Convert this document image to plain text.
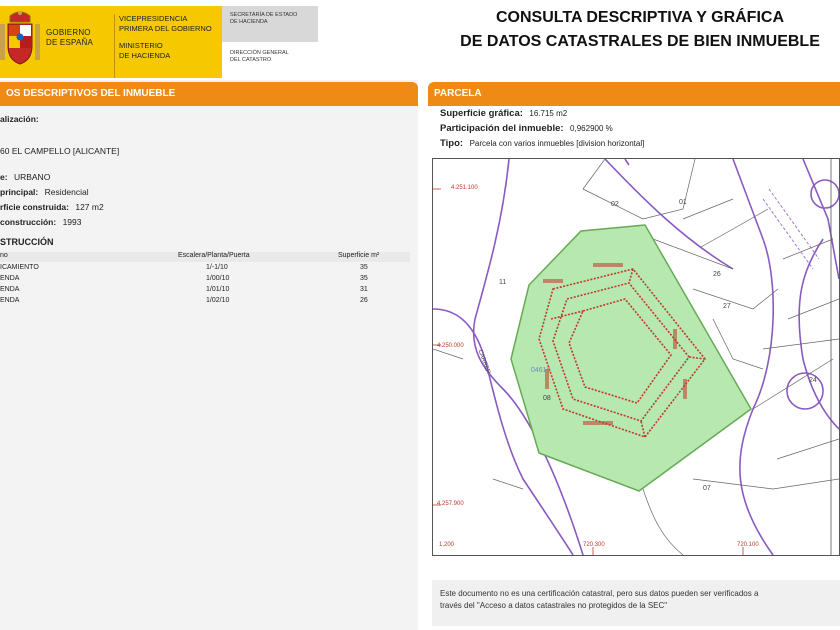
GOBIERNO
DE ESPAÑA
VICEPRESIDENCIA
PRIMERA DEL GOBIERNO
MINISTERIO
DE HACIENDA
SECRETARÍA DE ESTADO
DE HACIENDA
DIRECCIÓN GENERAL
DEL CATASTRO
CONSULTA DESCRIPTIVA Y GRÁFICA
DE DATOS CATASTRALES DE BIEN INMUEBLE
OS DESCRIPTIVOS DEL INMUEBLE
alización:
60 EL CAMPELLO [ALICANTE]
e: URBANO
principal: Residencial
rficie construida: 127 m2
construcción: 1993
STRUCCIÓN
no	Escalera/Planta/Puerta	Superficie m²
ICAMIENTO	1/-1/10	35
ENDA	1/00/10	35
ENDA	1/01/10	31
ENDA	1/02/10	26
PARCELA
Superficie gráfica: 16.715 m2
Participación del inmueble: 0,962900 %
Tipo: Parcela con varios inmuebles [division horizontal]
4.251.100
4.250.000
4.257.900
1.200	720.300	720.100
02	01
26
27
08
07
24
11
04616
CARRER
Este documento no es una certificación catastral, pero sus datos pueden ser verificados a
través del "Acceso a datos catastrales no protegidos de la SEC"
